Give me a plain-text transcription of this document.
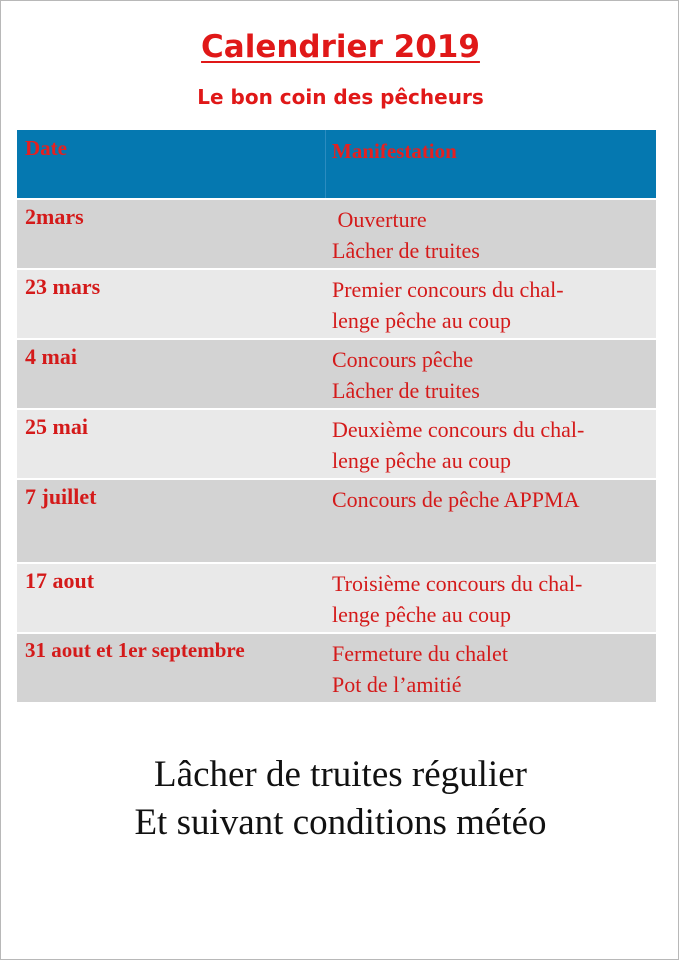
Calendrier 2019
Le bon coin des pêcheurs
Date	Manifestation
2mars	Ouverture
Lâcher de truites
23 mars	Premier concours du chal-
lenge pêche au coup
4 mai	Concours pêche
Lâcher de truites
25 mai	Deuxième concours du chal-
lenge pêche au coup
7 juillet	Concours de pêche APPMA
17 aout	Troisième concours du chal-
lenge pêche au coup
31 aout et 1er septembre	Fermeture du chalet
Pot de l’amitié
Lâcher de truites régulier
Et suivant conditions météo
